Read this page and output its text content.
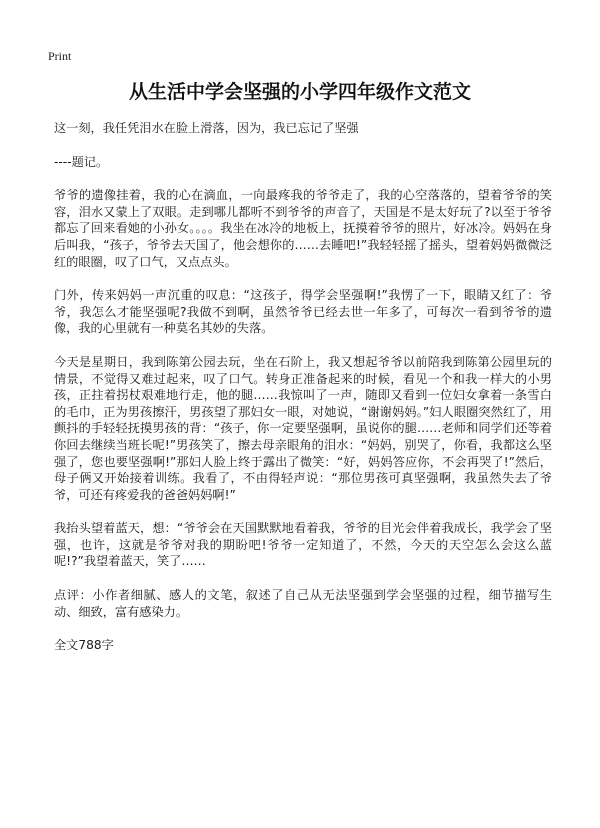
Print
从生活中学会坚强的小学四年级作文范文

这一刻，我任凭泪水在脸上滑落，因为，我已忘记了坚强

----题记。

爷爷的遗像挂着，我的心在滴血，一向最疼我的爷爷走了，我的心空落落的，望着爷爷的笑容，泪水又蒙上了双眼。走到哪儿都听不到爷爷的声音了，天国是不是太好玩了?以至于爷爷都忘了回来看她的小孙女。。。。我坐在冰冷的地板上，抚摸着爷爷的照片，好冰冷。妈妈在身后叫我，“孩子，爷爷去天国了，他会想你的……去睡吧!”我轻轻摇了摇头，望着妈妈微微泛红的眼圈，叹了口气，又点点头。

门外，传来妈妈一声沉重的叹息：“这孩子，得学会坚强啊!”我愣了一下，眼睛又红了：爷爷，我怎么才能坚强呢?我做不到啊，虽然爷爷已经去世一年多了，可每次一看到爷爷的遗像，我的心里就有一种莫名其妙的失落。

今天是星期日，我到陈第公园去玩，坐在石阶上，我又想起爷爷以前陪我到陈第公园里玩的情景，不觉得又难过起来，叹了口气。转身正准备起来的时候，看见一个和我一样大的小男孩，正拄着拐杖艰难地行走，他的腿……我惊叫了一声，随即又看到一位妇女拿着一条雪白的毛巾，正为男孩擦汗，男孩望了那妇女一眼，对她说，“谢谢妈妈。”妇人眼圈突然红了，用颤抖的手轻轻抚摸男孩的背：“孩子，你一定要坚强啊，虽说你的腿……老师和同学们还等着你回去继续当班长呢!”男孩笑了，擦去母亲眼角的泪水：“妈妈，别哭了，你看，我都这么坚强了，您也要坚强啊!”那妇人脸上终于露出了微笑：“好，妈妈答应你，不会再哭了!”然后，母子俩又开始接着训练。我看了，不由得轻声说：“那位男孩可真坚强啊，我虽然失去了爷爷，可还有疼爱我的爸爸妈妈啊!”

我抬头望着蓝天，想：“爷爷会在天国默默地看着我，爷爷的目光会伴着我成长，我学会了坚强，也许，这就是爷爷对我的期盼吧!爷爷一定知道了，不然，今天的天空怎么会这么蓝呢!?”我望着蓝天，笑了……

点评：小作者细腻、感人的文笔，叙述了自己从无法坚强到学会坚强的过程，细节描写生动、细致，富有感染力。

全文788字
